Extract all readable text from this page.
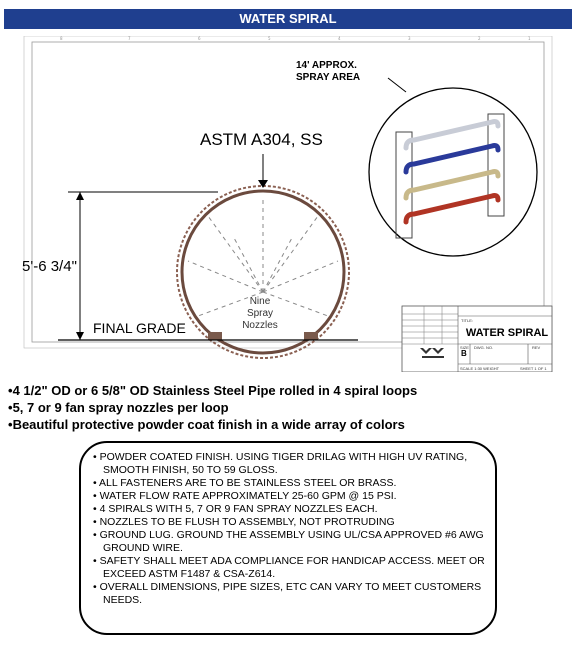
WATER SPIRAL
8	7	6	5	4	3	2	1
ASTM A304, SS
5'-6 3/4"
FINAL GRADE
Nine Spray Nozzles
14' APPROX. SPRAY AREA
TITLE:
WATER SPIRAL
SIZE
B
DWG. NO.	REV
SCALE 1:30 WEIGHT	SHEET 1 OF 1
• 4 1/2" OD or 6 5/8" OD Stainless Steel Pipe rolled in 4 spiral loops
• 5, 7 or 9 fan spray nozzles per loop
• Beautiful protective powder coat finish in a wide array of colors
• POWDER COATED FINISH. USING TIGER DRILAG WITH HIGH UV RATING, SMOOTH FINISH, 50 TO 59 GLOSS.
• ALL FASTENERS ARE TO BE STAINLESS STEEL OR BRASS.
• WATER FLOW RATE APPROXIMATELY 25-60 GPM @ 15 PSI.
• 4 SPIRALS WITH 5, 7 OR 9 FAN SPRAY NOZZLES EACH.
• NOZZLES TO BE FLUSH TO ASSEMBLY, NOT PROTRUDING
• GROUND LUG. GROUND THE ASSEMBLY USING UL/CSA APPROVED #6 AWG GROUND WIRE.
• SAFETY SHALL MEET ADA COMPLIANCE FOR HANDICAP ACCESS. MEET OR EXCEED ASTM F1487 & CSA-Z614.
• OVERALL DIMENSIONS, PIPE SIZES, ETC CAN VARY TO MEET CUSTOMERS NEEDS.
